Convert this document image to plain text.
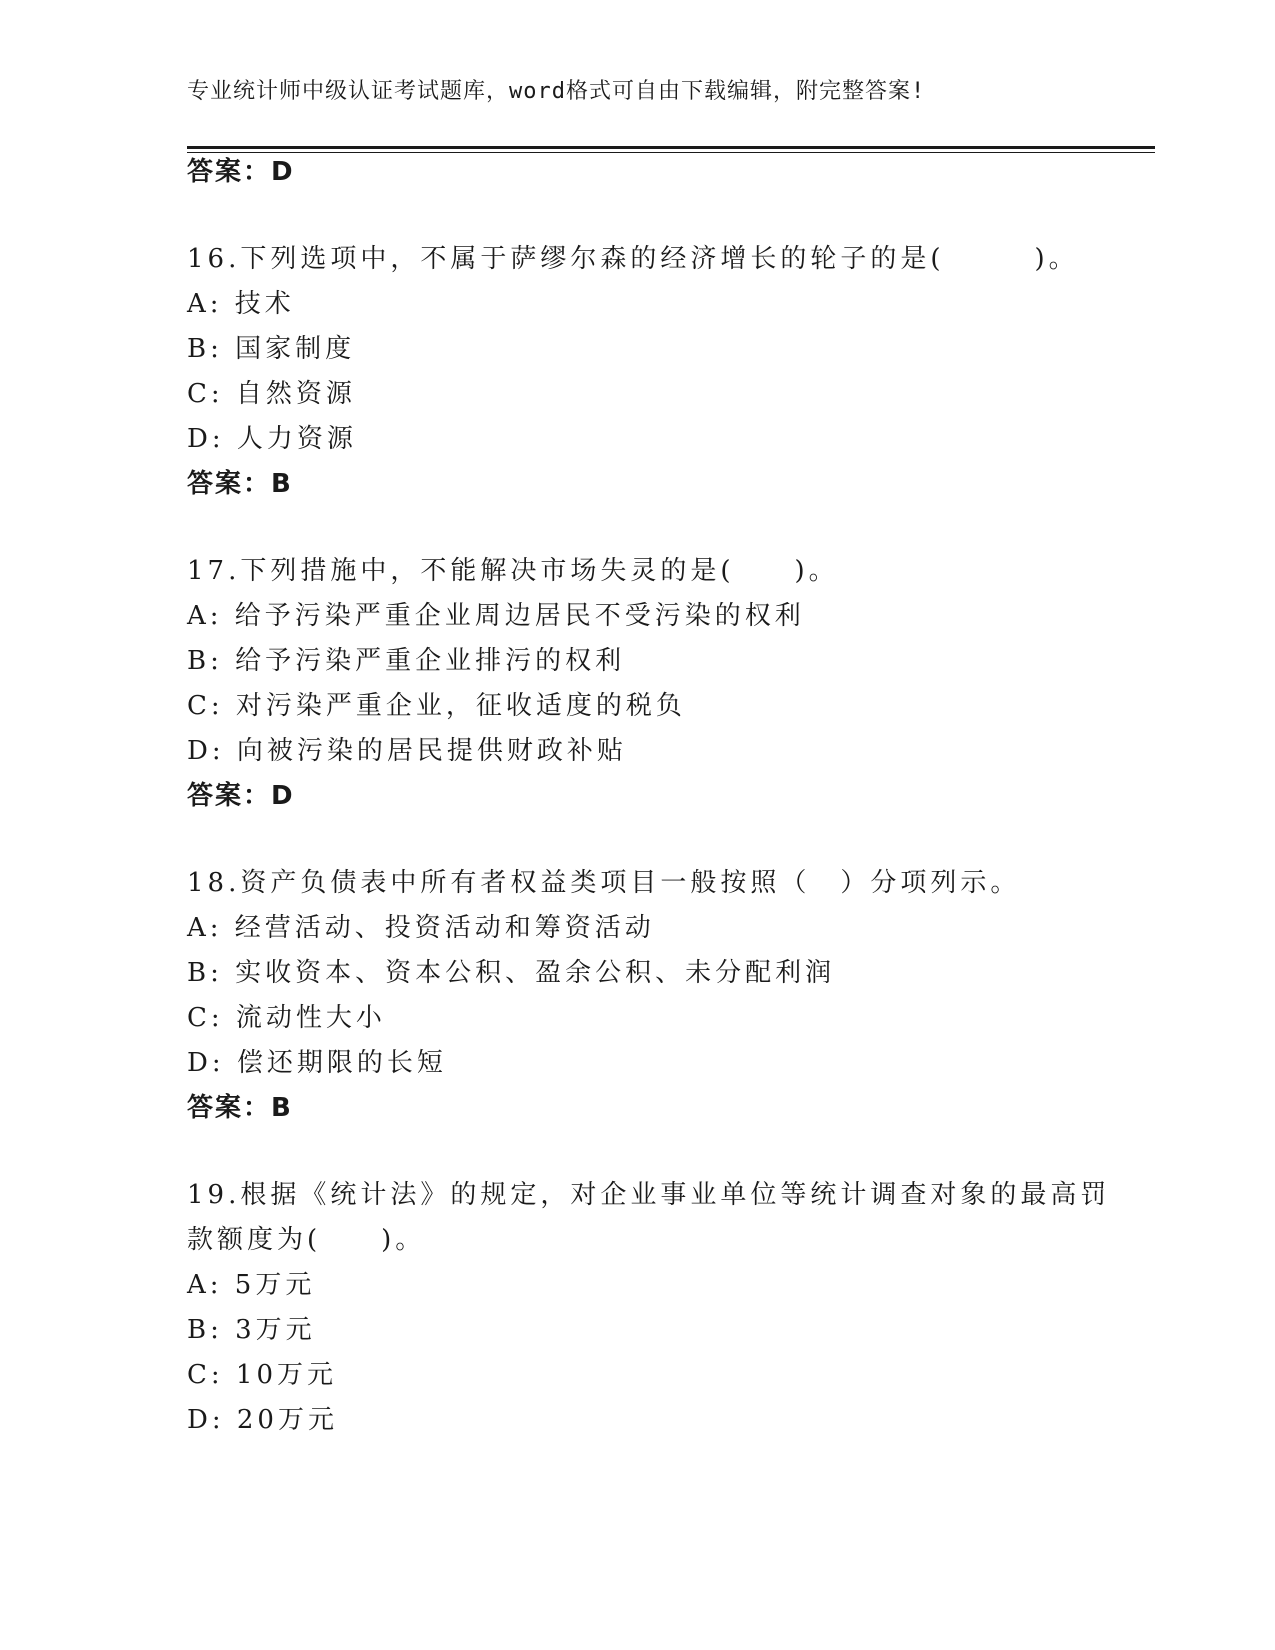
专业统计师中级认证考试题库，word格式可自由下载编辑，附完整答案!
答案：D
16.下列选项中，不属于萨缪尔森的经济增长的轮子的是(　　　)。
A: 技术
B: 国家制度
C: 自然资源
D: 人力资源
答案：B
17.下列措施中，不能解决市场失灵的是(　　)。
A: 给予污染严重企业周边居民不受污染的权利
B: 给予污染严重企业排污的权利
C: 对污染严重企业，征收适度的税负
D: 向被污染的居民提供财政补贴
答案：D
18.资产负债表中所有者权益类项目一般按照（　）分项列示。
A: 经营活动、投资活动和筹资活动
B: 实收资本、资本公积、盈余公积、未分配利润
C: 流动性大小
D: 偿还期限的长短
答案：B
19.根据《统计法》的规定，对企业事业单位等统计调查对象的最高罚
款额度为(　　)。
A: 5万元
B: 3万元
C: 10万元
D: 20万元
